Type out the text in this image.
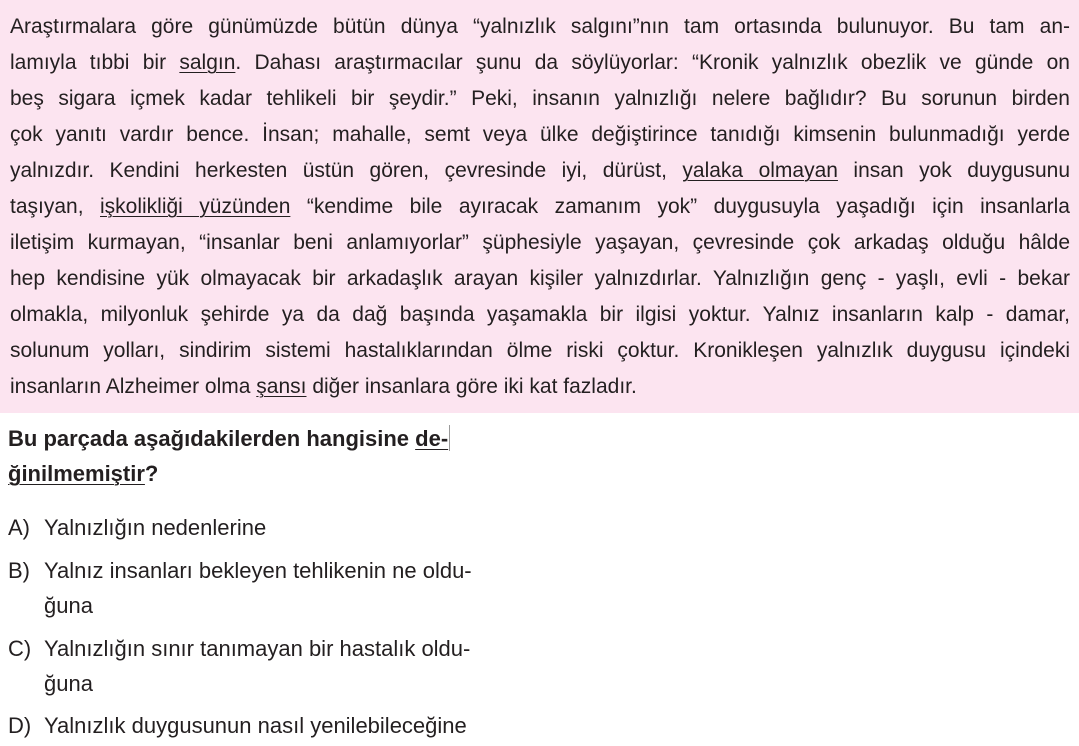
Araştırmalara göre günümüzde bütün dünya “yalnızlık salgını”nın tam ortasında bulunuyor. Bu tam an-
lamıyla tıbbi bir salgın. Dahası araştırmacılar şunu da söylüyorlar: “Kronik yalnızlık obezlik ve günde on
beş sigara içmek kadar tehlikeli bir şeydir.” Peki, insanın yalnızlığı nelere bağlıdır? Bu sorunun birden
çok yanıtı vardır bence. İnsan; mahalle, semt veya ülke değiştirince tanıdığı kimsenin bulunmadığı yerde
yalnızdır. Kendini herkesten üstün gören, çevresinde iyi, dürüst, yalaka olmayan insan yok duygusunu
taşıyan, işkolikliği yüzünden “kendime bile ayıracak zamanım yok” duygusuyla yaşadığı için insanlarla
iletişim kurmayan, “insanlar beni anlamıyorlar” şüphesiyle yaşayan, çevresinde çok arkadaş olduğu hâlde
hep kendisine yük olmayacak bir arkadaşlık arayan kişiler yalnızdırlar. Yalnızlığın genç - yaşlı, evli - bekar
olmakla, milyonluk şehirde ya da dağ başında yaşamakla bir ilgisi yoktur. Yalnız insanların kalp - damar,
solunum yolları, sindirim sistemi hastalıklarından ölme riski çoktur. Kronikleşen yalnızlık duygusu içindeki
insanların Alzheimer olma şansı diğer insanlara göre iki kat fazladır.
Bu parçada aşağıdakilerden hangisine de-
ğinilmemiştir?
A) Yalnızlığın nedenlerine
B) Yalnız insanları bekleyen tehlikenin ne oldu-
ğuna
C) Yalnızlığın sınır tanımayan bir hastalık oldu-
ğuna
D) Yalnızlık duygusunun nasıl yenilebileceğine
